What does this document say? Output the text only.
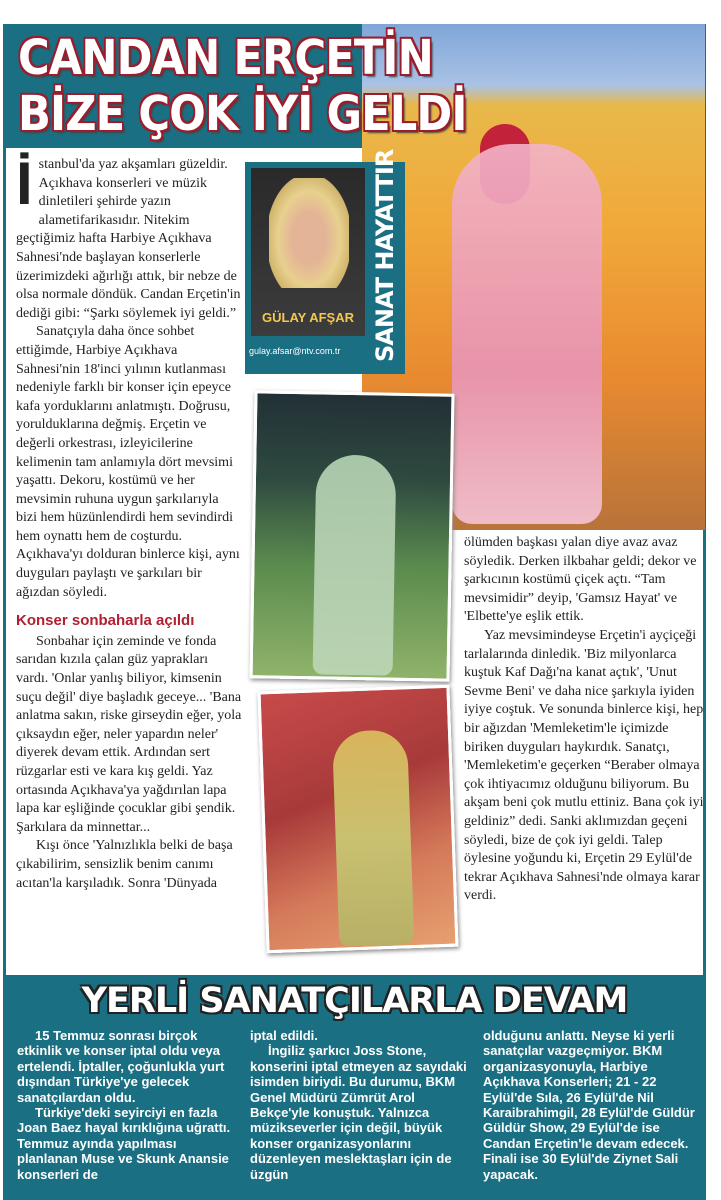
CANDAN ERÇETİN
BİZE ÇOK İYİ GELDİ

İstanbul'da yaz akşamları güzeldir. Açıkhava konserleri ve müzik dinletileri şehirde yazın alametifarikasıdır. Nitekim geçtiğimiz hafta Harbiye Açıkhava Sahnesi'nde başlayan konserlerle üzerimizdeki ağırlığı attık, bir nebze de olsa normale döndük. Candan Erçetin'in dediği gibi: “Şarkı söylemek iyi geldi.”

Sanatçıyla daha önce sohbet ettiğimde, Harbiye Açıkhava Sahnesi'nin 18'inci yılının kutlanması nedeniyle farklı bir konser için epeyce kafa yorduklarını anlatmıştı. Doğrusu, yorulduklarına değmiş. Erçetin ve değerli orkestrası, izleyicilerine kelimenin tam anlamıyla dört mevsimi yaşattı. Dekoru, kostümü ve her mevsimin ruhuna uygun şarkılarıyla bizi hem hüzünlendirdi hem sevindirdi hem oynattı hem de coşturdu. Açıkhava'yı dolduran binlerce kişi, aynı duyguları paylaştı ve şarkıları bir ağızdan söyledi.

Konser sonbaharla açıldı

Sonbahar için zeminde ve fonda sarıdan kızıla çalan güz yaprakları vardı. 'Onlar yanlış biliyor, kimsenin suçu değil' diye başladık geceye... 'Bana anlatma sakın, riske girseydin eğer, yola çıksaydın eğer, neler yapardın neler' diyerek devam ettik. Ardından sert rüzgarlar esti ve kara kış geldi. Yaz ortasında Açıkhava'ya yağdırılan lapa lapa kar eşliğinde çocuklar gibi şendik. Şarkılara da minnettar...

Kışı önce 'Yalnızlıkla belki de başa çıkabilirim, sensizlik benim canımı acıtan'la karşıladık. Sonra 'Dünyada

GÜLAY AFŞAR
gulay.afsar@ntv.com.tr SANAT HAYATTIR

ölümden başkası yalan diye avaz avaz söyledik. Derken ilkbahar geldi; dekor ve şarkıcının kostümü çiçek açtı. “Tam mevsimidir” deyip, 'Gamsız Hayat' ve 'Elbette'ye eşlik ettik.

Yaz mevsimindeyse Erçetin'i ayçiçeği tarlalarında dinledik. 'Biz milyonlarca kuştuk Kaf Dağı'na kanat açtık', 'Unut Sevme Beni' ve daha nice şarkıyla iyiden iyiye coştuk. Ve sonunda binlerce kişi, hep bir ağızdan 'Memleketim'le içimizde biriken duyguları haykırdık. Sanatçı, 'Memleketim'e geçerken “Beraber olmaya çok ihtiyacımız olduğunu biliyorum. Bu akşam beni çok mutlu ettiniz. Bana çok iyi geldiniz” dedi. Sanki aklımızdan geçeni söyledi, bize de çok iyi geldi. Talep öylesine yoğundu ki, Erçetin 29 Eylül'de tekrar Açıkhava Sahnesi'nde olmaya karar verdi.

YERLİ SANATÇILARLA DEVAM

15 Temmuz sonrası birçok etkinlik ve konser iptal oldu veya ertelendi. İptaller, çoğunlukla yurt dışından Türkiye'ye gelecek sanatçılardan oldu.

Türkiye'deki seyirciyi en fazla Joan Baez hayal kırıklığına uğrattı. Temmuz ayında yapılması planlanan Muse ve Skunk Anansie konserleri de

iptal edildi.

İngiliz şarkıcı Joss Stone, konserini iptal etmeyen az sayıdaki isimden biriydi. Bu durumu, BKM Genel Müdürü Zümrüt Arol Bekçe'yle konuştuk. Yalnızca müzikseverler için değil, büyük konser organizasyonlarını düzenleyen meslektaşları için de üzgün

olduğunu anlattı. Neyse ki yerli sanatçılar vazgeçmiyor. BKM organizasyonuyla, Harbiye Açıkhava Konserleri; 21 - 22 Eylül'de Sıla, 26 Eylül'de Nil Karaibrahimgil, 28 Eylül'de Güldür Güldür Show, 29 Eylül'de ise Candan Erçetin'le devam edecek. Finali ise 30 Eylül'de Ziynet Sali yapacak.
